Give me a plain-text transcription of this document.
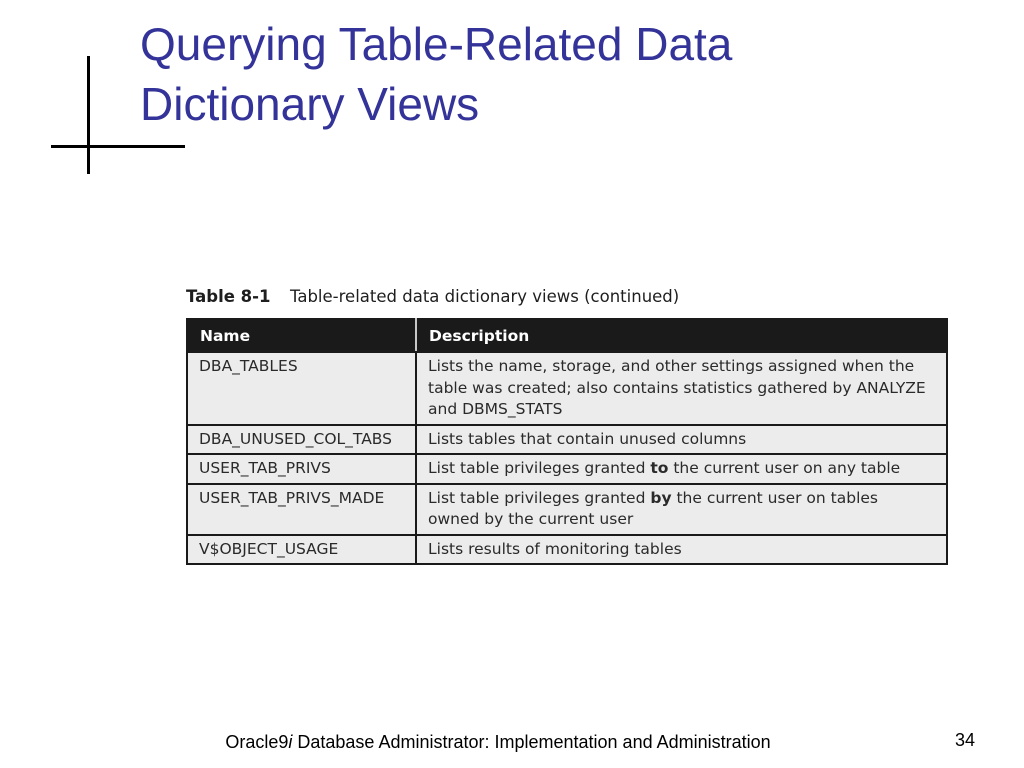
Querying Table-Related Data
Dictionary Views
Table 8-1 Table-related data dictionary views (continued)
Name	Description
DBA_TABLES	Lists the name, storage, and other settings assigned when the table was created; also contains statistics gathered by ANALYZE and DBMS_STATS
DBA_UNUSED_COL_TABS	Lists tables that contain unused columns
USER_TAB_PRIVS	List table privileges granted to the current user on any table
USER_TAB_PRIVS_MADE	List table privileges granted by the current user on tables owned by the current user
V$OBJECT_USAGE	Lists results of monitoring tables
Oracle9i Database Administrator: Implementation and Administration	34
